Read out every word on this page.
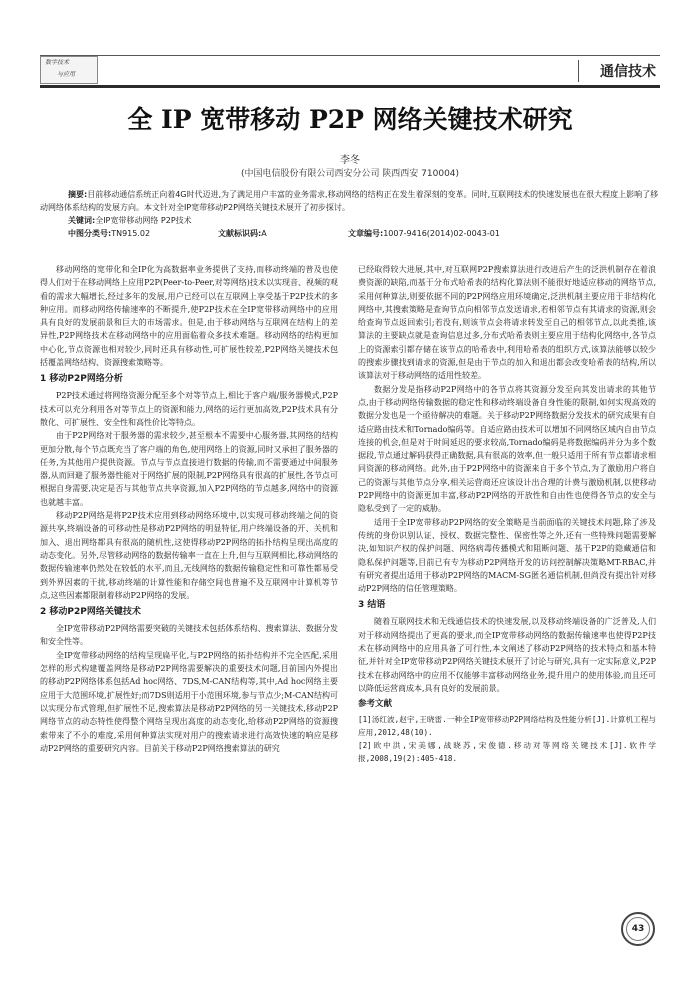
数字技术
与应用	通信技术
全 IP 宽带移动 P2P 网络关键技术研究
李冬
(中国电信股份有限公司西安分公司 陕西西安 710004)

摘要:目前移动通信系统正向着4G时代迈进,为了满足用户丰富的业务需求,移动网络的结构正在发生着深刻的变革。同时,互联网技术的快速发展也在很大程度上影响了移动网络体系结构的发展方向。本文针对全IP宽带移动P2P网络关键技术展开了初步探讨。

关键词:全IP宽带移动网络 P2P技术
中图分类号:TN915.02	文献标识码:A	文章编号:1007-9416(2014)02-0043-01

移动网络的宽带化和全IP化为高数据率业务提供了支持,而移动终端的普及也使得人们对于在移动网络上应用P2P(Peer-to-Peer,对等网络)技术以实现音、视频的观看的需求大幅增长,经过多年的发展,用户已经可以在互联网上享受基于P2P技术的多种应用。而移动网络传输速率的不断提升,使P2P技术在全IP宽带移动网络中的应用具有良好的发展前景和巨大的市场需求。但是,由于移动网络与互联网在结构上的差异性,P2P网络技术在移动网络中的应用面临着众多技术难题。移动网络的结构更加中心化,节点资源也相对较少,同时还具有移动性,可扩展性较差,P2P网络关键技术包括覆盖网络结构、资源搜索策略等。

1 移动P2P网络分析

P2P技术通过将网络资源分配至多个对等节点上,相比于客户端/服务器模式,P2P技术可以充分利用各对等节点上的资源和能力,网络的运行更加高效,P2P技术具有分散化、可扩展性、安全性和高性价比等特点。

由于P2P网络对于服务器的需求较少,甚至根本不需要中心服务器,其网络的结构更加分散,每个节点既充当了客户端的角色,使用网络上的资源,同时又承担了服务器的任务,为其他用户提供资源。节点与节点直接进行数据的传输,而不需要通过中间服务器,从而回避了服务器性能对于网络扩展的限制,P2P网络具有很高的扩展性,各节点可根据自身需要,决定是否与其他节点共享资源,加入P2P网络的节点越多,网络中的资源也就越丰富。

移动P2P网络是将P2P技术应用到移动网络环境中,以实现可移动终端之间的资源共享,终端设备的可移动性是移动P2P网络的明显特征,用户终端设备的开、关机和加入、退出网络都具有很高的随机性,这使得移动P2P网络的拓扑结构呈现出高度的动态变化。另外,尽管移动网络的数据传输率一直在上升,但与互联网相比,移动网络的数据传输速率仍然处在较低的水平,而且,无线网络的数据传输稳定性和可靠性都易受到外界因素的干扰,移动终端的计算性能和存储空间也普遍不及互联网中计算机等节点,这些因素都限制着移动P2P网络的发展。

2 移动P2P网络关键技术

全IP宽带移动P2P网络需要突破的关键技术包括体系结构、搜索算法、数据分发和安全性等。

全IP宽带移动网络的结构呈现扁平化,与P2P网络的拓扑结构并不完全匹配,采用怎样的形式构建覆盖网络是移动P2P网络需要解决的重要技术问题,目前国内外提出的移动P2P网络体系包括Ad hoc网络、7DS,M-CAN结构等,其中,Ad hoc网络主要应用于大范围环境,扩展性好;而7DS则适用于小范围环境,参与节点少;M-CAN结构可以实现分布式管理,但扩展性不足,搜索算法是移动P2P网络的另一关键技术,移动P2P网络节点的动态特性使得整个网络呈现出高度的动态变化,给移动P2P网络的资源搜索带来了不小的难度,采用何种算法实现对用户的搜索请求进行高效快速的响应是移动P2P网络的重要研究内容。目前关于移动P2P网络搜索算法的研究

已经取得较大进展,其中,对互联网P2P搜索算法进行改进后产生的泛洪机制存在着浪费资源的缺陷,而基于分布式哈希表的结构化算法则不能很好地适应移动的网络节点,采用何种算法,则要依据不同的P2P网络应用环境确定,泛洪机制主要应用于非结构化网络中,其搜索策略是查询节点向相邻节点发送请求,若相邻节点有其请求的资源,则会给查询节点返回索引;若没有,则该节点会将请求转发至自己的相邻节点,以此类推,该算法的主要缺点就是查询信息过多,分布式哈希表则主要应用于结构化网络中,各节点上的资源索引都存储在该节点的哈希表中,利用哈希表的组织方式,该算法能够以较少的搜索步骤找到请求的资源,但是由于节点的加入和退出都会改变哈希表的结构,所以该算法对于移动网络的适用性较差。

数据分发是指移动P2P网络中的各节点将其资源分发至向其发出请求的其他节点,由于移动网络传输数据的稳定性和移动终端设备自身性能的限制,如何实现高效的数据分发也是一个亟待解决的难题。关于移动P2P网络数据分发技术的研究成果有自适应路由技术和Tornado编码等。自适应路由技术可以增加不同网络区域内自由节点连接的机会,但是对于时间延迟的要求较高,Tornado编码是将数据编码并分为多个数据段,节点通过解码获得正确数据,具有很高的效率,但一般只适用于所有节点都请求相同资源的移动网络。此外,由于P2P网络中的资源来自于多个节点,为了激励用户将自己的资源与其他节点分享,相关运营商还应该设计出合理的计费与激励机制,以使移动P2P网络中的资源更加丰富,移动P2P网络的开放性和自由性也使得各节点的安全与隐私受到了一定的威胁。

适用于全IP宽带移动P2P网络的安全策略是当前面临的关键技术问题,除了涉及传统的身份识别认证、授权、数据完整性、保密性等之外,还有一些特殊问题需要解决,如知识产权的保护问题、网络病毒传播模式和阻断问题、基于P2P的隐藏通信和隐私保护问题等,目前已有专为移动P2P网络开发的访问控制解决策略MT-RBAC,并有研究者提出适用于移动P2P网络的MACM-SG匿名通信机制,但尚没有提出针对移动P2P网络的信任管理策略。

3 结语

随着互联网技术和无线通信技术的快速发展,以及移动终端设备的广泛普及,人们对于移动网络提出了更高的要求,而全IP宽带移动网络的数据传输速率也使得P2P技术在移动网络中的应用具备了可行性,本文阐述了移动P2P网络的技术特点和基本特征,并针对全IP宽带移动P2P网络关键技术展开了讨论与研究,具有一定实际意义,P2P技术在移动网络中的应用不仅能够丰富移动网络业务,提升用户的使用体验,而且还可以降低运营商成本,具有良好的发展前景。

参考文献

[1]汤红波,赵宇,王晓雷.一种全IP宽带移动P2P网络结构及性能分析[J].计算机工程与应用,2012,48(10).

[2]欧中洪,宋美娜,战晓苏,宋俊德.移动对等网络关键技术[J].软件学报,2008,19(2):405-418.

43
